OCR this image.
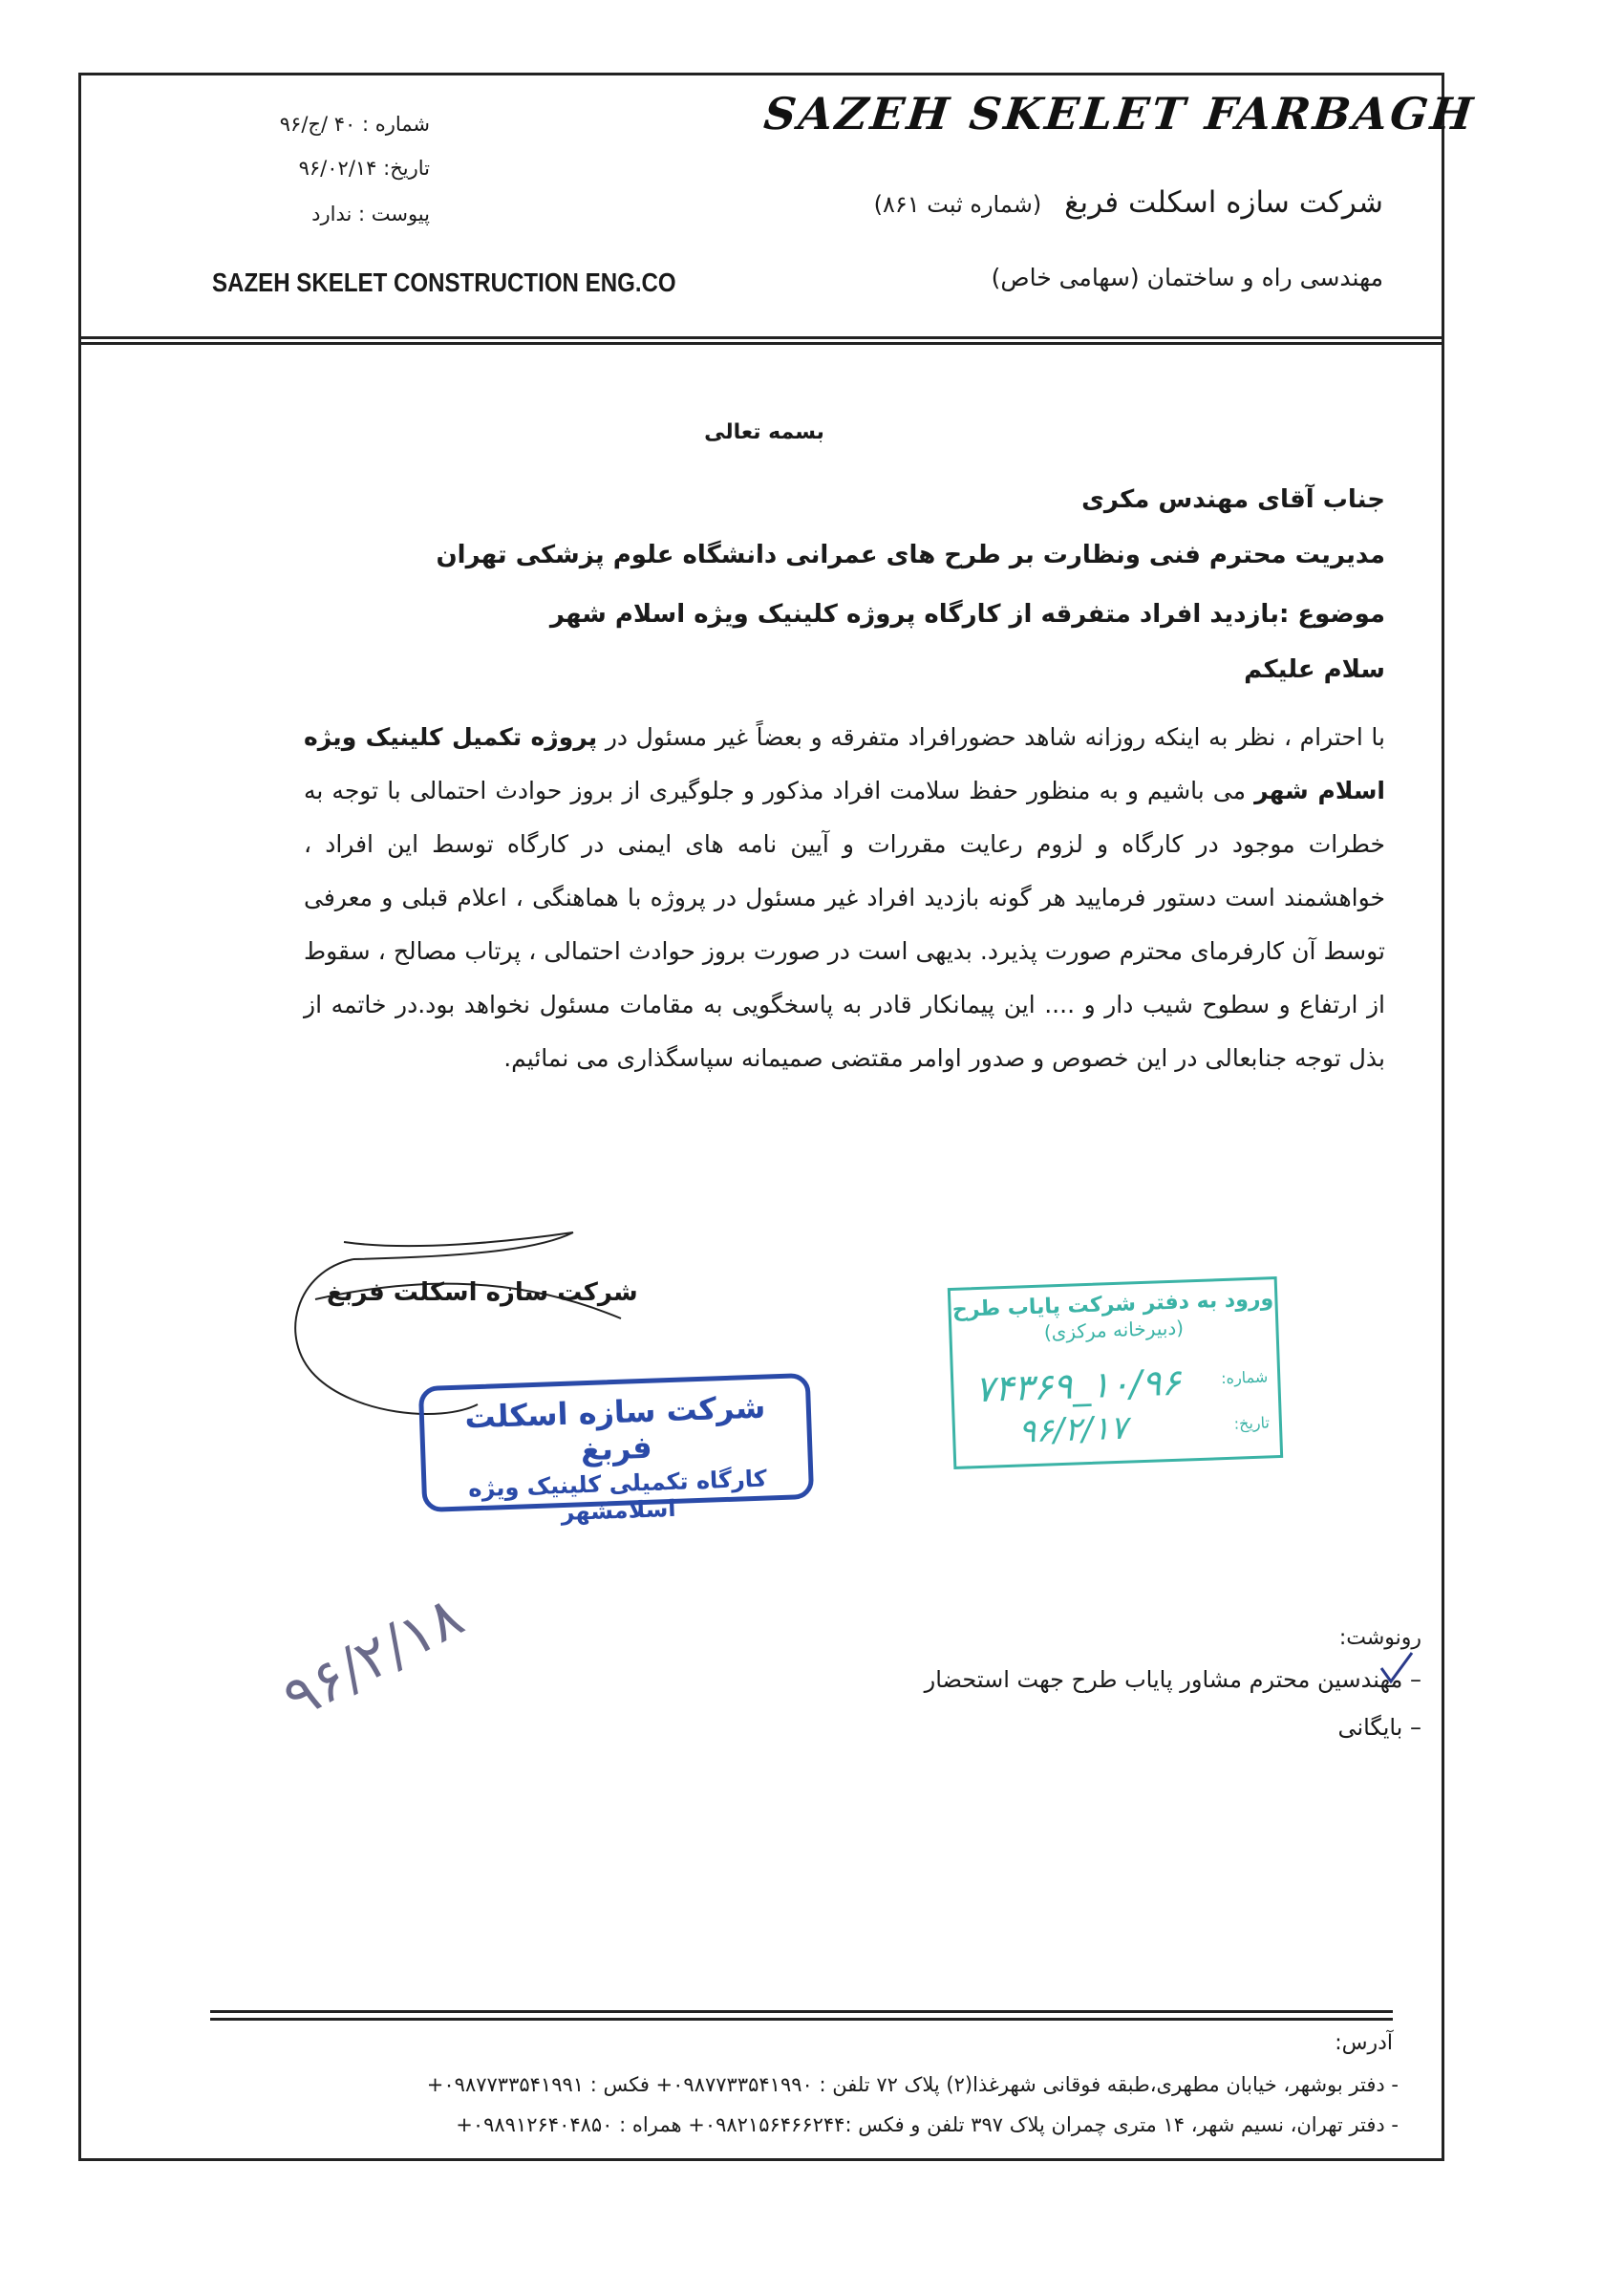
SAZEH SKELET FARBAGH
شرکت سازه اسکلت فربغ (شماره ثبت ۸۶۱)
مهندسی راه و ساختمان (سهامی خاص)
SAZEH SKELET CONSTRUCTION ENG.CO
شماره : ۴۰ /ج/۹۶
تاریخ: ۹۶/۰۲/۱۴
پیوست : ندارد
بسمه تعالی
جناب آقای مهندس مکری
مدیریت محترم فنی ونظارت بر طرح های عمرانی دانشگاه علوم پزشکی تهران
موضوع :بازدید افراد متفرقه از کارگاه پروژه کلینیک ویژه اسلام شهر
سلام علیکم
با احترام ، نظر به اینکه روزانه شاهد حضورافراد متفرقه و بعضاً غیر مسئول در پروژه تکمیل کلینیک ویژه اسلام شهر می باشیم و به منظور حفظ سلامت افراد مذکور و جلوگیری از بروز حوادث احتمالی با توجه به خطرات موجود در کارگاه و لزوم رعایت مقررات و آیین نامه های ایمنی در کارگاه توسط این افراد ، خواهشمند است دستور فرمایید هر گونه بازدید افراد غیر مسئول در پروژه با هماهنگی ، اعلام قبلی و معرفی توسط آن کارفرمای محترم صورت پذیرد. بدیهی است در صورت بروز حوادث احتمالی ، پرتاب مصالح ، سقوط از ارتفاع و سطوح شیب دار و .... این پیمانکار قادر به پاسخگویی به مقامات مسئول نخواهد بود.در خاتمه از بذل توجه جنابعالی در این خصوص و صدور اوامر مقتضی صمیمانه سپاسگذاری می نمائیم.
شرکت سازه اسکلت فربغ
شرکت سازه اسکلت فربغ
کارگاه تکمیلی کلینیک ویژه اسلامشهر
ورود به دفتر شرکت پایاب طرح
(دبیرخانه مرکزی)
شماره:
تاریخ:
۱۰/۹۶_۷۴۳۶۹
۹۶/۲/۱۷
۹۶/۲/۱۸	رونوشت:
– مهندسین محترم مشاور پایاب طرح جهت استحضار
– بایگانی
آدرس:
- دفتر بوشهر، خیابان مطهری،طبقه فوقانی شهرغذا(۲) پلاک ۷۲ تلفن : ۰۹۸۷۷۳۳۵۴۱۹۹۰+ فکس : ۰۹۸۷۷۳۳۵۴۱۹۹۱+
- دفتر تهران، نسیم شهر، ۱۴ متری چمران پلاک ۳۹۷ تلفن و فکس :۰۹۸۲۱۵۶۴۶۶۲۴۴+ همراه : ۰۹۸۹۱۲۶۴۰۴۸۵۰+
